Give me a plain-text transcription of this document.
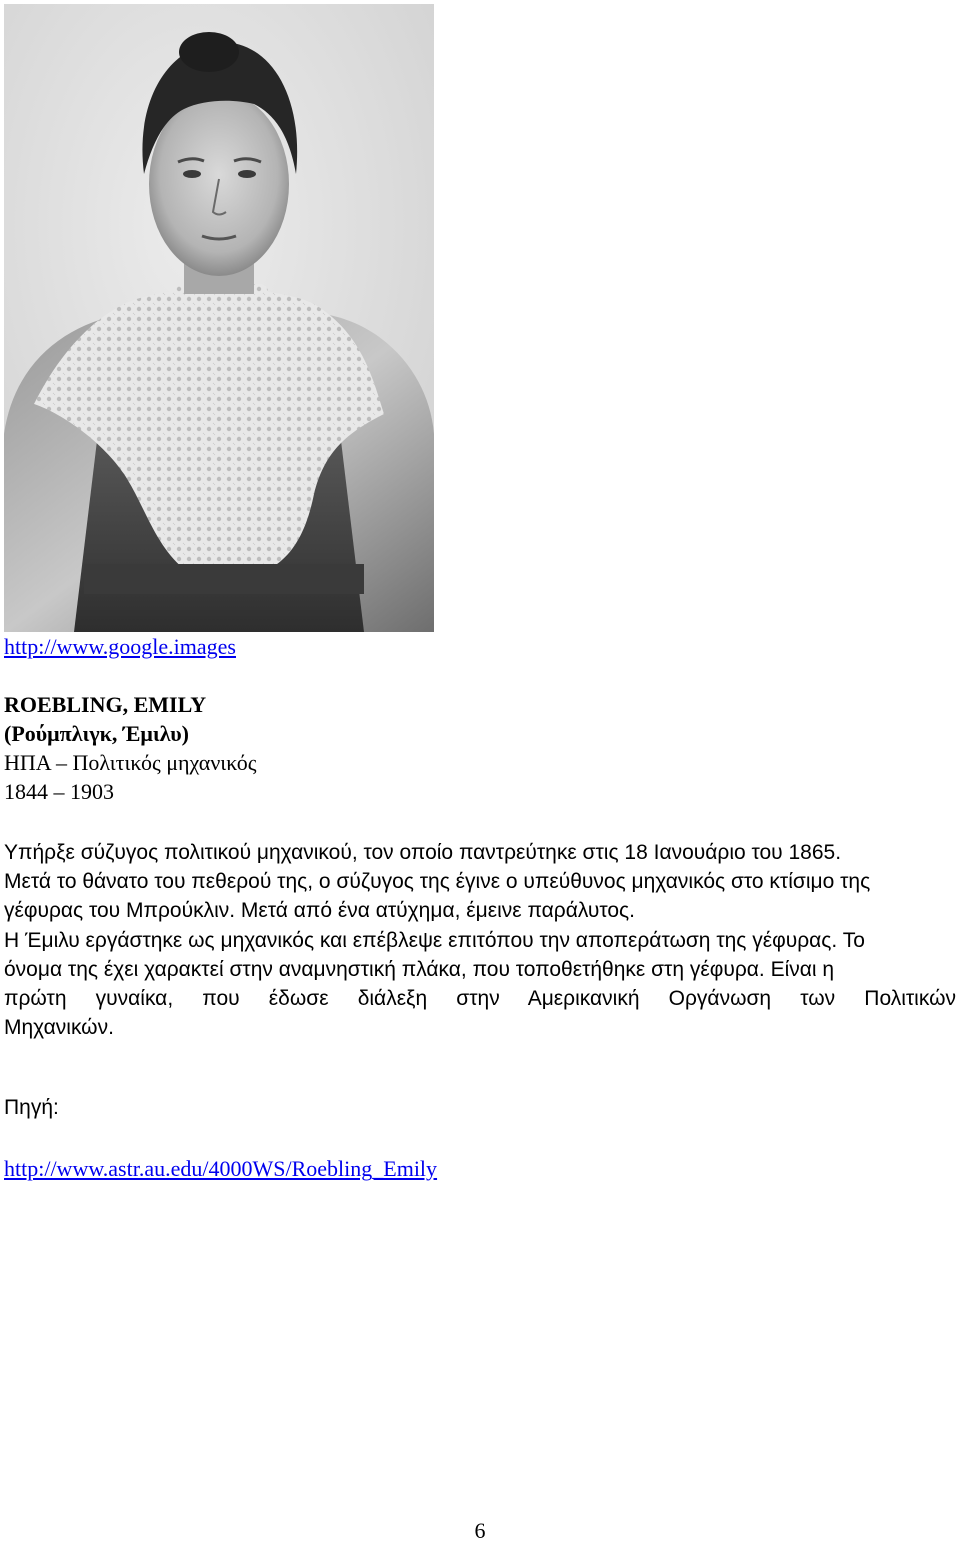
http://www.google.images
ROEBLING, EMILY
(Ρούμπλιγκ, Έμιλυ)
ΗΠΑ – Πολιτικός μηχανικός
1844 – 1903
Υπήρξε σύζυγος πολιτικού μηχανικού, τον οποίο παντρεύτηκε στις 18 Ιανουάριο του 1865.
Μετά το θάνατο του πεθερού της, ο σύζυγος της έγινε ο υπεύθυνος μηχανικός στο κτίσιμο της
γέφυρας του Μπρούκλιν. Μετά από ένα ατύχημα, έμεινε παράλυτος.
Η Έμιλυ εργάστηκε ως μηχανικός και επέβλεψε επιτόπου την αποπεράτωση της γέφυρας. Το
όνομα της έχει χαρακτεί στην αναμνηστική πλάκα, που τοποθετήθηκε στη γέφυρα. Είναι η
πρώτη γυναίκα, που έδωσε διάλεξη στην Αμερικανική Οργάνωση των Πολιτικών
Μηχανικών.
Πηγή:
http://www.astr.au.edu/4000WS/Roebling_Emily
6
